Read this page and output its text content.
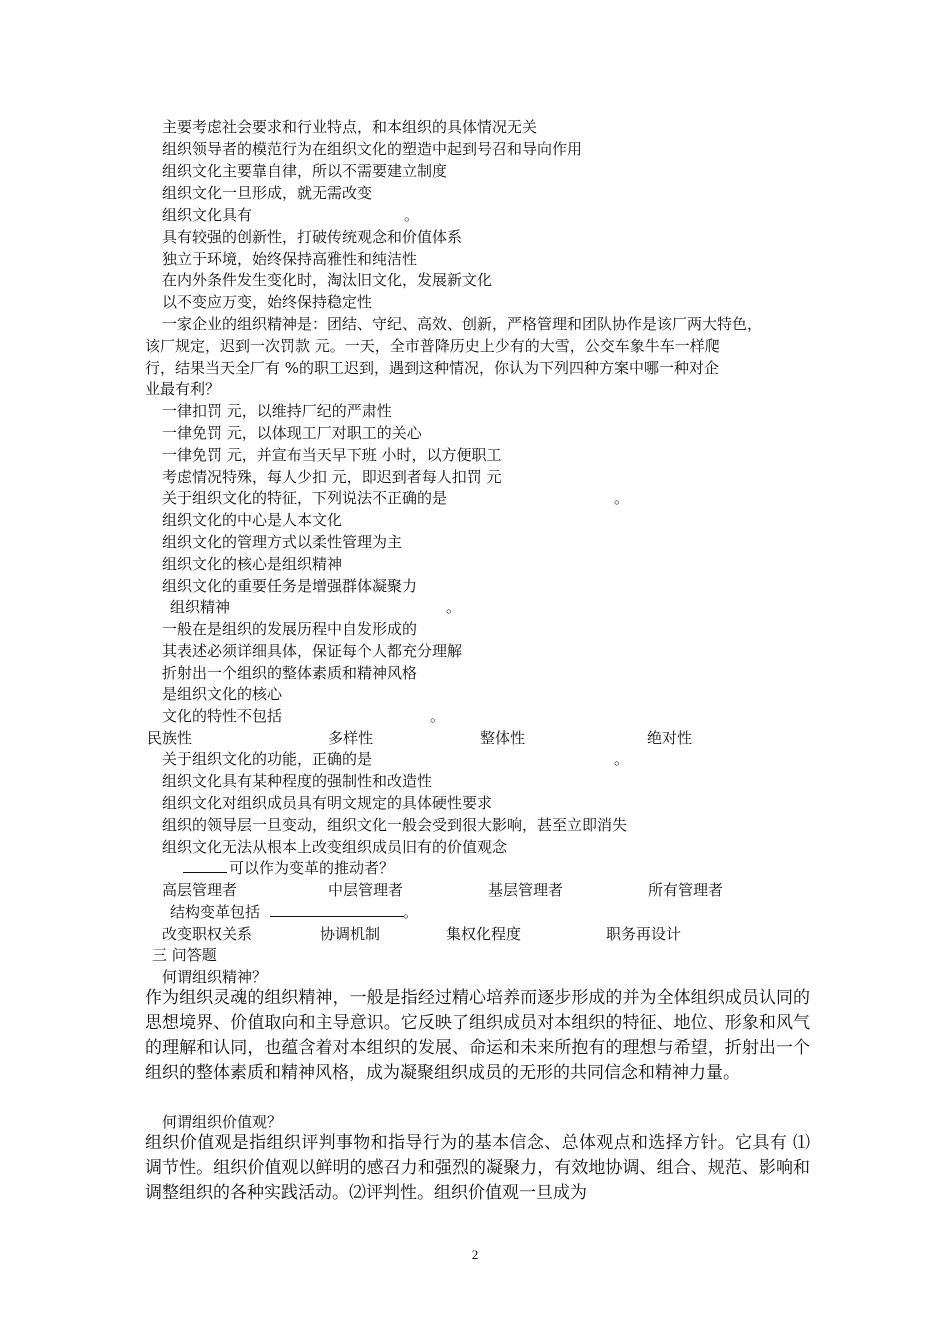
主要考虑社会要求和行业特点，和本组织的具体情况无关
组织领导者的模范行为在组织文化的塑造中起到号召和导向作用
组织文化主要靠自律，所以不需要建立制度
组织文化一旦形成，就无需改变
组织文化具有	。
具有较强的创新性，打破传统观念和价值体系
独立于环境，始终保持高雅性和纯洁性
在内外条件发生变化时，淘汰旧文化，发展新文化
以不变应万变，始终保持稳定性
一家企业的组织精神是：团结、守纪、高效、创新，严格管理和团队协作是该厂两大特色，
该厂规定，迟到一次罚款 元。一天，全市普降历史上少有的大雪，公交车象牛车一样爬
行，结果当天全厂有 %的职工迟到，遇到这种情况，你认为下列四种方案中哪一种对企
业最有利？
一律扣罚 元，以维持厂纪的严肃性
一律免罚 元，以体现工厂对职工的关心
一律免罚 元，并宣布当天早下班 小时，以方便职工
考虑情况特殊，每人少扣 元，即迟到者每人扣罚 元
关于组织文化的特征，下列说法不正确的是	。
组织文化的中心是人本文化
组织文化的管理方式以柔性管理为主
组织文化的核心是组织精神
组织文化的重要任务是增强群体凝聚力
组织精神	。
一般在是组织的发展历程中自发形成的
其表述必须详细具体，保证每个人都充分理解
折射出一个组织的整体素质和精神风格
是组织文化的核心
文化的特性不包括	。
民族性	多样性	整体性	绝对性
关于组织文化的功能，正确的是	。
组织文化具有某种程度的强制性和改造性
组织文化对组织成员具有明文规定的具体硬性要求
组织的领导层一旦变动，组织文化一般会受到很大影响，甚至立即消失
组织文化无法从根本上改变组织成员旧有的价值观念
可以作为变革的推动者？
高层管理者	中层管理者	基层管理者	所有管理者
结构变革包括	。
改变职权关系	协调机制	集权化程度	职务再设计
三 问答题
何谓组织精神？
作为组织灵魂的组织精神，一般是指经过精心培养而逐步形成的并为全体组织成员认同的思想境界、价值取向和主导意识。它反映了组织成员对本组织的特征、地位、形象和风气的理解和认同，也蕴含着对本组织的发展、命运和未来所抱有的理想与希望，折射出一个组织的整体素质和精神风格，成为凝聚组织成员的无形的共同信念和精神力量。
何谓组织价值观？
组织价值观是指组织评判事物和指导行为的基本信念、总体观点和选择方针。它具有 ⑴调节性。组织价值观以鲜明的感召力和强烈的凝聚力，有效地协调、组合、规范、影响和调整组织的各种实践活动。⑵评判性。组织价值观一旦成为
2
